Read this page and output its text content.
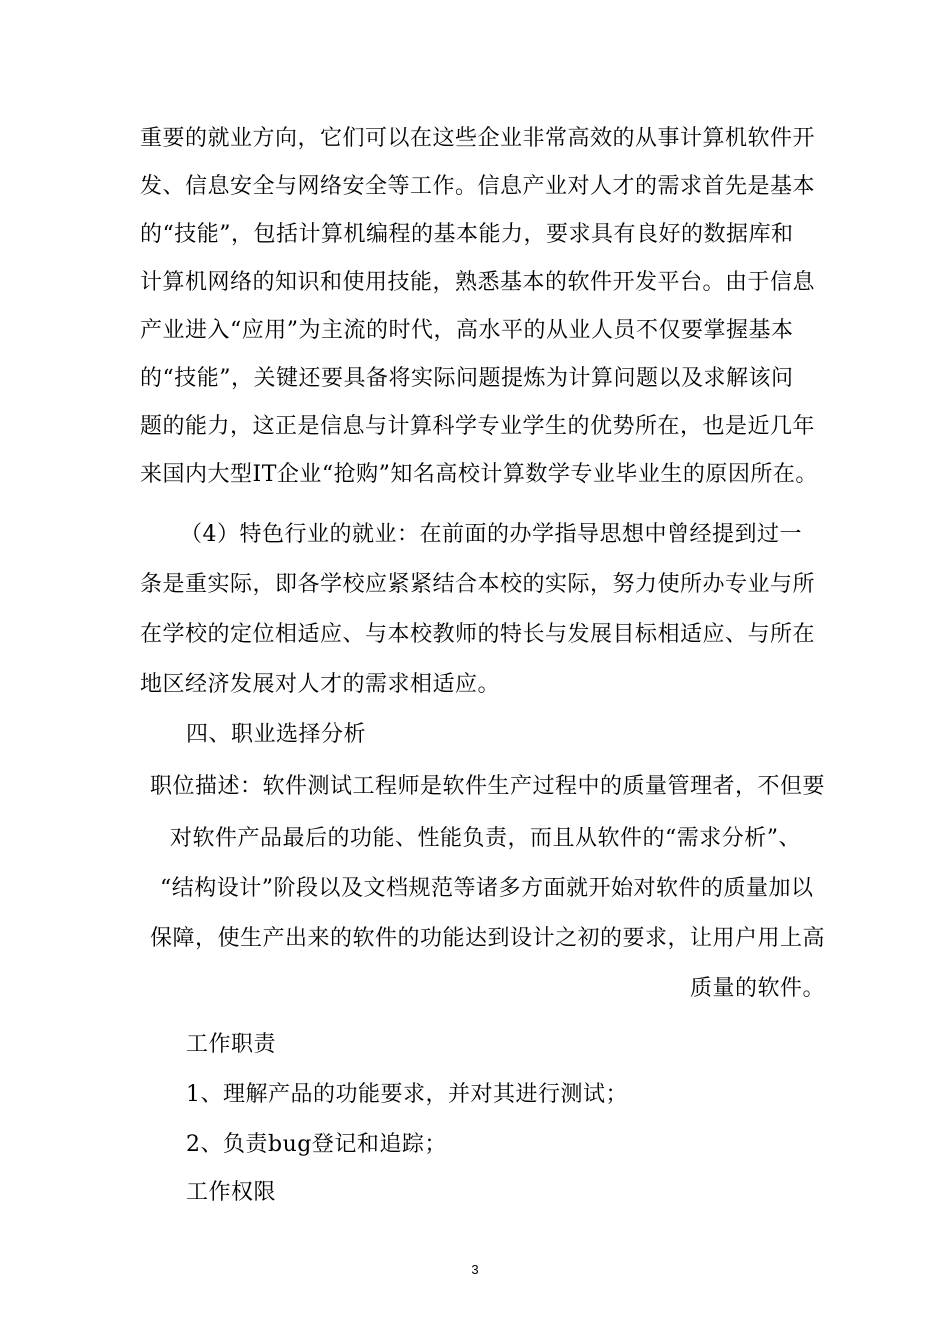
重要的就业方向，它们可以在这些企业非常高效的从事计算机软件开
发、信息安全与网络安全等工作。信息产业对人才的需求首先是基本
的“技能”，包括计算机编程的基本能力，要求具有良好的数据库和
计算机网络的知识和使用技能，熟悉基本的软件开发平台。由于信息
产业进入“应用”为主流的时代，高水平的从业人员不仅要掌握基本
的“技能”，关键还要具备将实际问题提炼为计算问题以及求解该问
题的能力，这正是信息与计算科学专业学生的优势所在，也是近几年
来国内大型IT企业“抢购”知名高校计算数学专业毕业生的原因所在。
（4）特色行业的就业：在前面的办学指导思想中曾经提到过一
条是重实际，即各学校应紧紧结合本校的实际，努力使所办专业与所
在学校的定位相适应、与本校教师的特长与发展目标相适应、与所在
地区经济发展对人才的需求相适应。
四、职业选择分析
职位描述：软件测试工程师是软件生产过程中的质量管理者，不但要
对软件产品最后的功能、性能负责，而且从软件的“需求分析”、
“结构设计”阶段以及文档规范等诸多方面就开始对软件的质量加以
保障，使生产出来的软件的功能达到设计之初的要求，让用户用上高
质量的软件。
工作职责
1、理解产品的功能要求，并对其进行测试；
2、负责bug登记和追踪；
工作权限
3
